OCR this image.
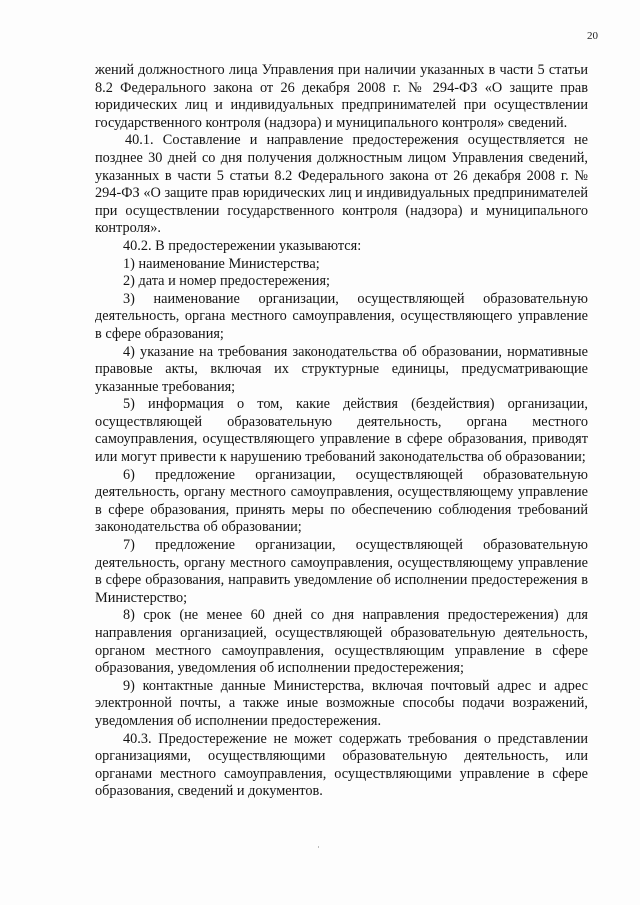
20

жений должностного лица Управления при наличии указанных в части 5 статьи 8.2 Федерального закона от 26 декабря 2008 г. № 294-ФЗ «О защите прав юридических лиц и индивидуальных предпринимателей при осуществлении государственного контроля (надзора) и муниципального контроля» сведений.

40.1. Составление и направление предостережения осуществляется не позднее 30 дней со дня получения должностным лицом Управления сведений, указанных в части 5 статьи 8.2 Федерального закона от 26 декабря 2008 г. № 294-ФЗ «О защите прав юридических лиц и индивидуальных предпринимателей при осуществлении государственного контроля (надзора) и муниципального контроля».

40.2. В предостережении указываются:

1) наименование Министерства;

2) дата и номер предостережения;

3) наименование организации, осуществляющей образовательную деятельность, органа местного самоуправления, осуществляющего управление в сфере образования;

4) указание на требования законодательства об образовании, нормативные правовые акты, включая их структурные единицы, предусматривающие указанные требования;

5) информация о том, какие действия (бездействия) организации, осуществляющей образовательную деятельность, органа местного самоуправления, осуществляющего управление в сфере образования, приводят или могут привести к нарушению требований законодательства об образовании;

6) предложение организации, осуществляющей образовательную деятельность, органу местного самоуправления, осуществляющему управление в сфере образования, принять меры по обеспечению соблюдения требований законодательства об образовании;

7) предложение организации, осуществляющей образовательную деятельность, органу местного самоуправления, осуществляющему управление в сфере образования, направить уведомление об исполнении предостережения в Министерство;

8) срок (не менее 60 дней со дня направления предостережения) для направления организацией, осуществляющей образовательную деятельность, органом местного самоуправления, осуществляющим управление в сфере образования, уведомления об исполнении предостережения;

9) контактные данные Министерства, включая почтовый адрес и адрес электронной почты, а также иные возможные способы подачи возражений, уведомления об исполнении предостережения.

40.3. Предостережение не может содержать требования о представлении организациями, осуществляющими образовательную деятельность, или органами местного самоуправления, осуществляющими управление в сфере образования, сведений и документов.
